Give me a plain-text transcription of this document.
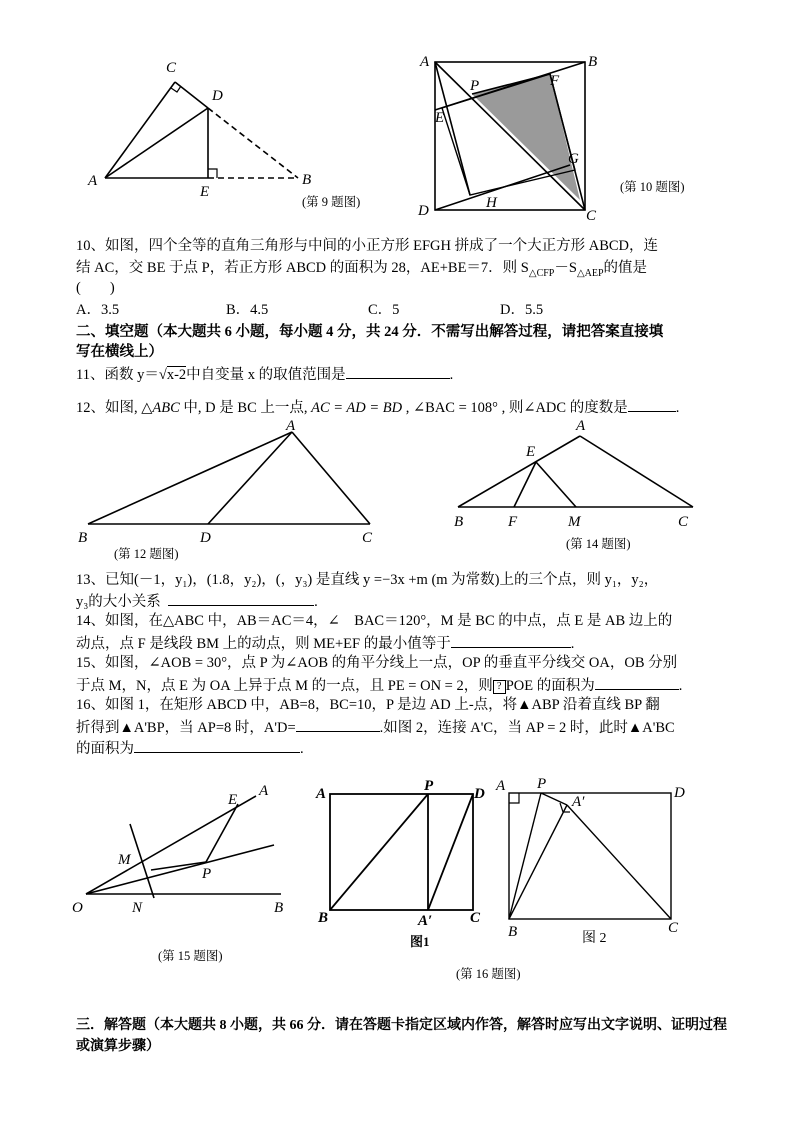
A
C
D
E
B
(第 9 题图)
A	B
P	F
E
G
D	H
C
(第 10 题图)
10、如图，四个全等的直角三角形与中间的小正方形 EFGH 拼成了一个大正方形 ABCD，连
结 AC，交 BE 于点 P，若正方形 ABCD 的面积为 28，AE+BE＝7．则 $S_{\triangle CFP}-S_{\triangle AEP}$的值是
(　　)
A．3.5	B．4.5	C．5	D．5.5
二、填空题（本大题共 6 小题，每小题 4 分，共 24 分．不需写出解答过程，请把答案直接填
写在横线上）
11、函数 y＝√x-2中自变量 x 的取值范围是	.
12、如图, △ABC 中, D 是 BC 上一点, AC = AD = BD , ∠BAC = 108° , 则∠ADC 的度数是	.
A
B	D	C
(第 12 题图)
A
E
B	F	M	C
(第 14 题图)
13、已知(－1，y₁)，(1.8，y₂)，(，y₃) 是直线 y =−3x +m (m 为常数)上的三个点，则 y₁，y₂，
y₃的大小关系	.
14、如图，在△ABC 中，AB＝AC＝4，∠　BAC＝120°，M 是 BC 的中点，点 E 是 AB 边上的
动点，点 F 是线段 BM 上的动点，则 ME+EF 的最小值等于	.
15、如图，∠AOB = 30°，点 P 为∠AOB 的角平分线上一点，OP 的垂直平分线交 OA，OB 分别
于点 M，N，点 E 为 OA 上异于点 M 的一点，且 PE = ON = 2，则 ? POE 的面积为	.
16、如图 1，在矩形 ABCD 中，AB=8，BC=10，P 是边 AD 上-点，将▲ABP 沿着直线 BP 翻
折得到▲A'BP，当 AP=8 时，A'D=	.如图 2，连接 A'C，当 AP = 2 时，此时▲A'BC
的面积为	.
E
A
M
P
O	N	B
(第 15 题图)
A	P	D
B	A′	C
图1
A P
A′
D
B	C
图 2
(第 16 题图)
三．解答题（本大题共 8 小题，共 66 分．请在答题卡指定区域内作答，解答时应写出文字说明、证明过程
或演算步骤）
